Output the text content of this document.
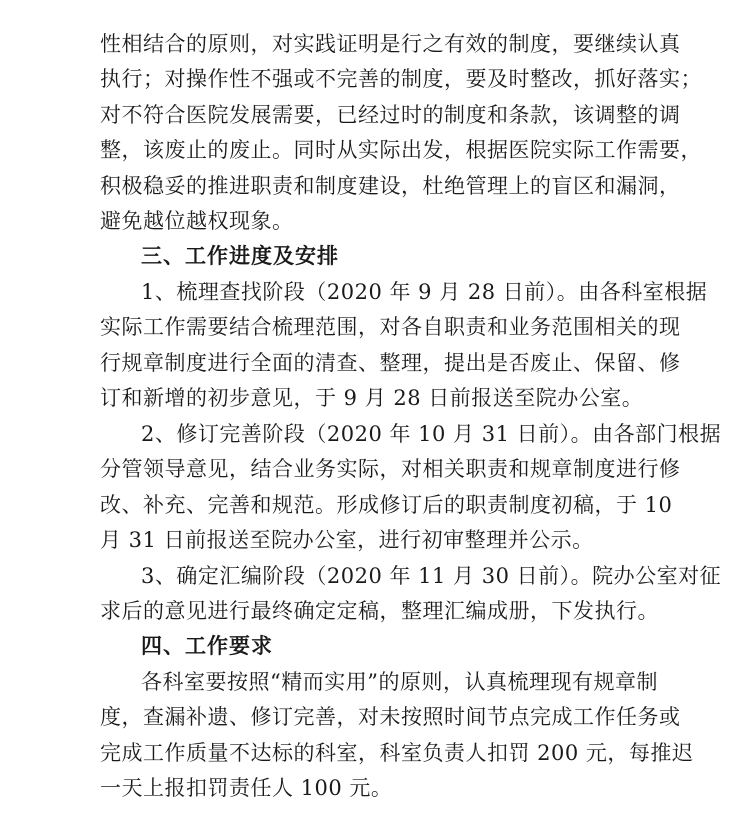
性相结合的原则，对实践证明是行之有效的制度，要继续认真
执行；对操作性不强或不完善的制度，要及时整改，抓好落实；
对不符合医院发展需要，已经过时的制度和条款，该调整的调
整，该废止的废止。同时从实际出发，根据医院实际工作需要，
积极稳妥的推进职责和制度建设，杜绝管理上的盲区和漏洞，
避免越位越权现象。
三、工作进度及安排
1、梳理查找阶段（2020 年 9 月 28 日前）。由各科室根据
实际工作需要结合梳理范围，对各自职责和业务范围相关的现
行规章制度进行全面的清查、整理，提出是否废止、保留、修
订和新增的初步意见，于 9 月 28 日前报送至院办公室。
2、修订完善阶段（2020 年 10 月 31 日前）。由各部门根据
分管领导意见，结合业务实际，对相关职责和规章制度进行修
改、补充、完善和规范。形成修订后的职责制度初稿，于 10
月 31 日前报送至院办公室，进行初审整理并公示。
3、确定汇编阶段（2020 年 11 月 30 日前）。院办公室对征
求后的意见进行最终确定定稿，整理汇编成册，下发执行。
四、工作要求
各科室要按照“精而实用”的原则，认真梳理现有规章制
度，查漏补遗、修订完善，对未按照时间节点完成工作任务或
完成工作质量不达标的科室，科室负责人扣罚 200 元，每推迟
一天上报扣罚责任人 100 元。
